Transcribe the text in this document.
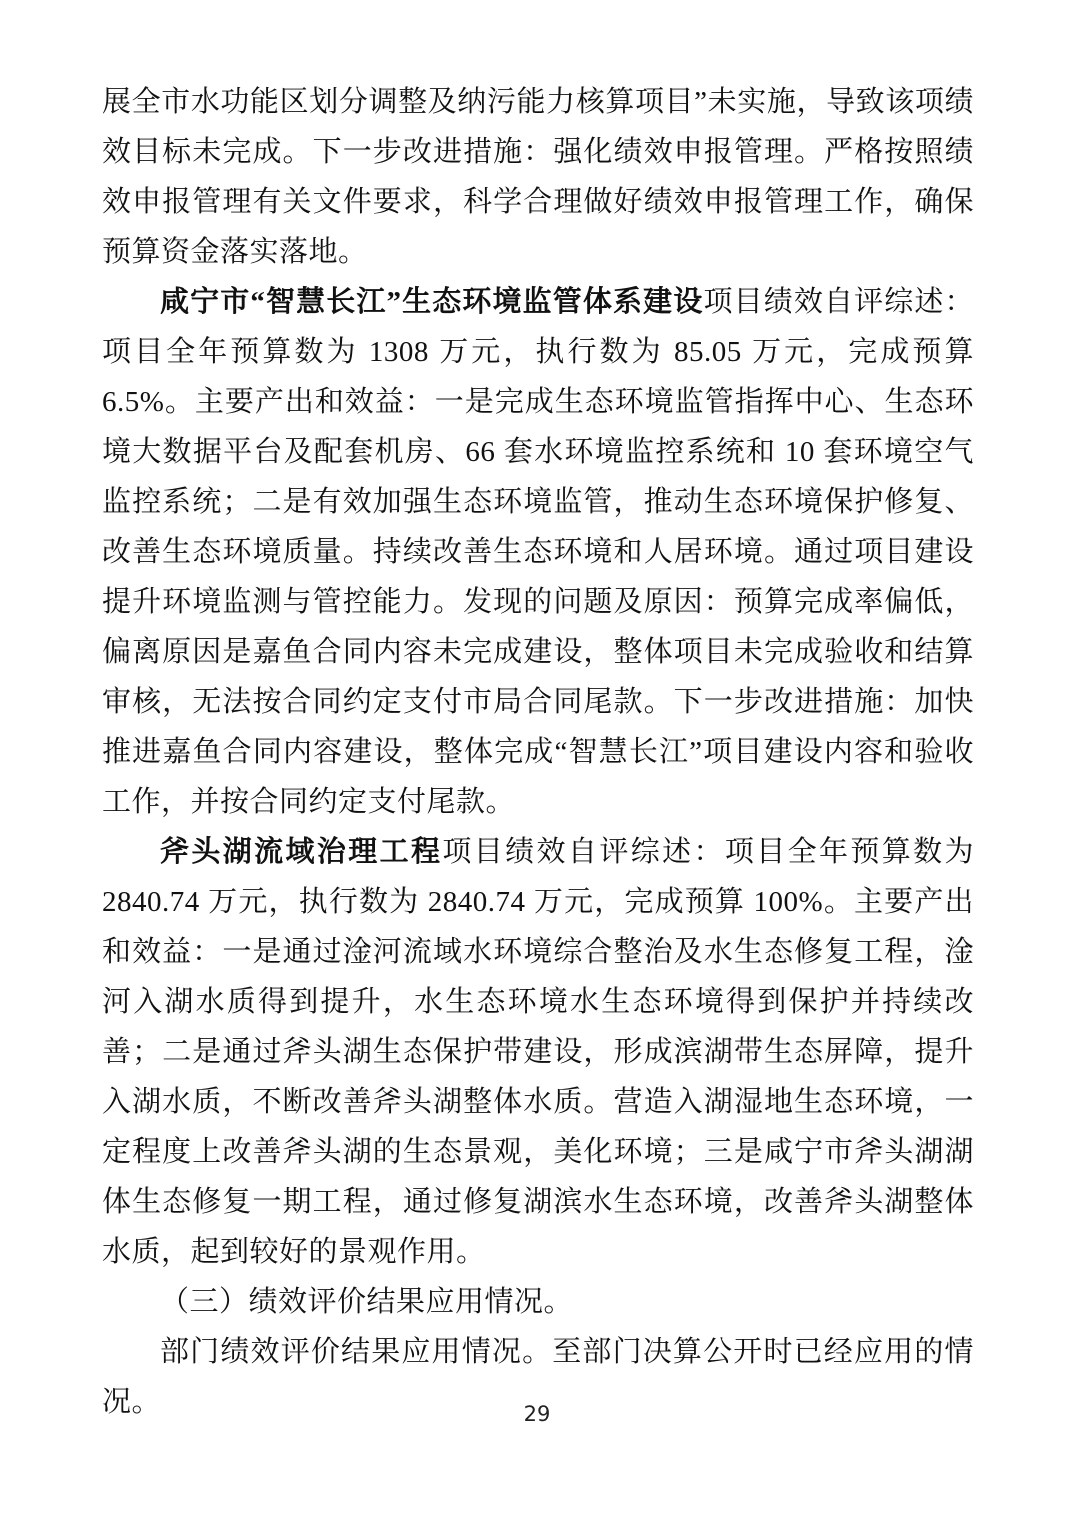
展全市水功能区划分调整及纳污能力核算项目”未实施，导致该项绩效目标未完成。下一步改进措施：强化绩效申报管理。严格按照绩效申报管理有关文件要求，科学合理做好绩效申报管理工作，确保预算资金落实落地。

咸宁市“智慧长江”生态环境监管体系建设项目绩效自评综述：项目全年预算数为 1308 万元，执行数为 85.05 万元，完成预算 6.5%。主要产出和效益：一是完成生态环境监管指挥中心、生态环境大数据平台及配套机房、66 套水环境监控系统和 10 套环境空气监控系统；二是有效加强生态环境监管，推动生态环境保护修复、改善生态环境质量。持续改善生态环境和人居环境。通过项目建设提升环境监测与管控能力。发现的问题及原因：预算完成率偏低，偏离原因是嘉鱼合同内容未完成建设，整体项目未完成验收和结算审核，无法按合同约定支付市局合同尾款。下一步改进措施：加快推进嘉鱼合同内容建设，整体完成“智慧长江”项目建设内容和验收工作，并按合同约定支付尾款。

斧头湖流域治理工程项目绩效自评综述：项目全年预算数为 2840.74 万元，执行数为 2840.74 万元，完成预算 100%。主要产出和效益：一是通过淦河流域水环境综合整治及水生态修复工程，淦河入湖水质得到提升，水生态环境水生态环境得到保护并持续改善；二是通过斧头湖生态保护带建设，形成滨湖带生态屏障，提升入湖水质，不断改善斧头湖整体水质。营造入湖湿地生态环境，一定程度上改善斧头湖的生态景观，美化环境；三是咸宁市斧头湖湖体生态修复一期工程，通过修复湖滨水生态环境，改善斧头湖整体水质，起到较好的景观作用。

（三）绩效评价结果应用情况。

部门绩效评价结果应用情况。至部门决算公开时已经应用的情况。	29
